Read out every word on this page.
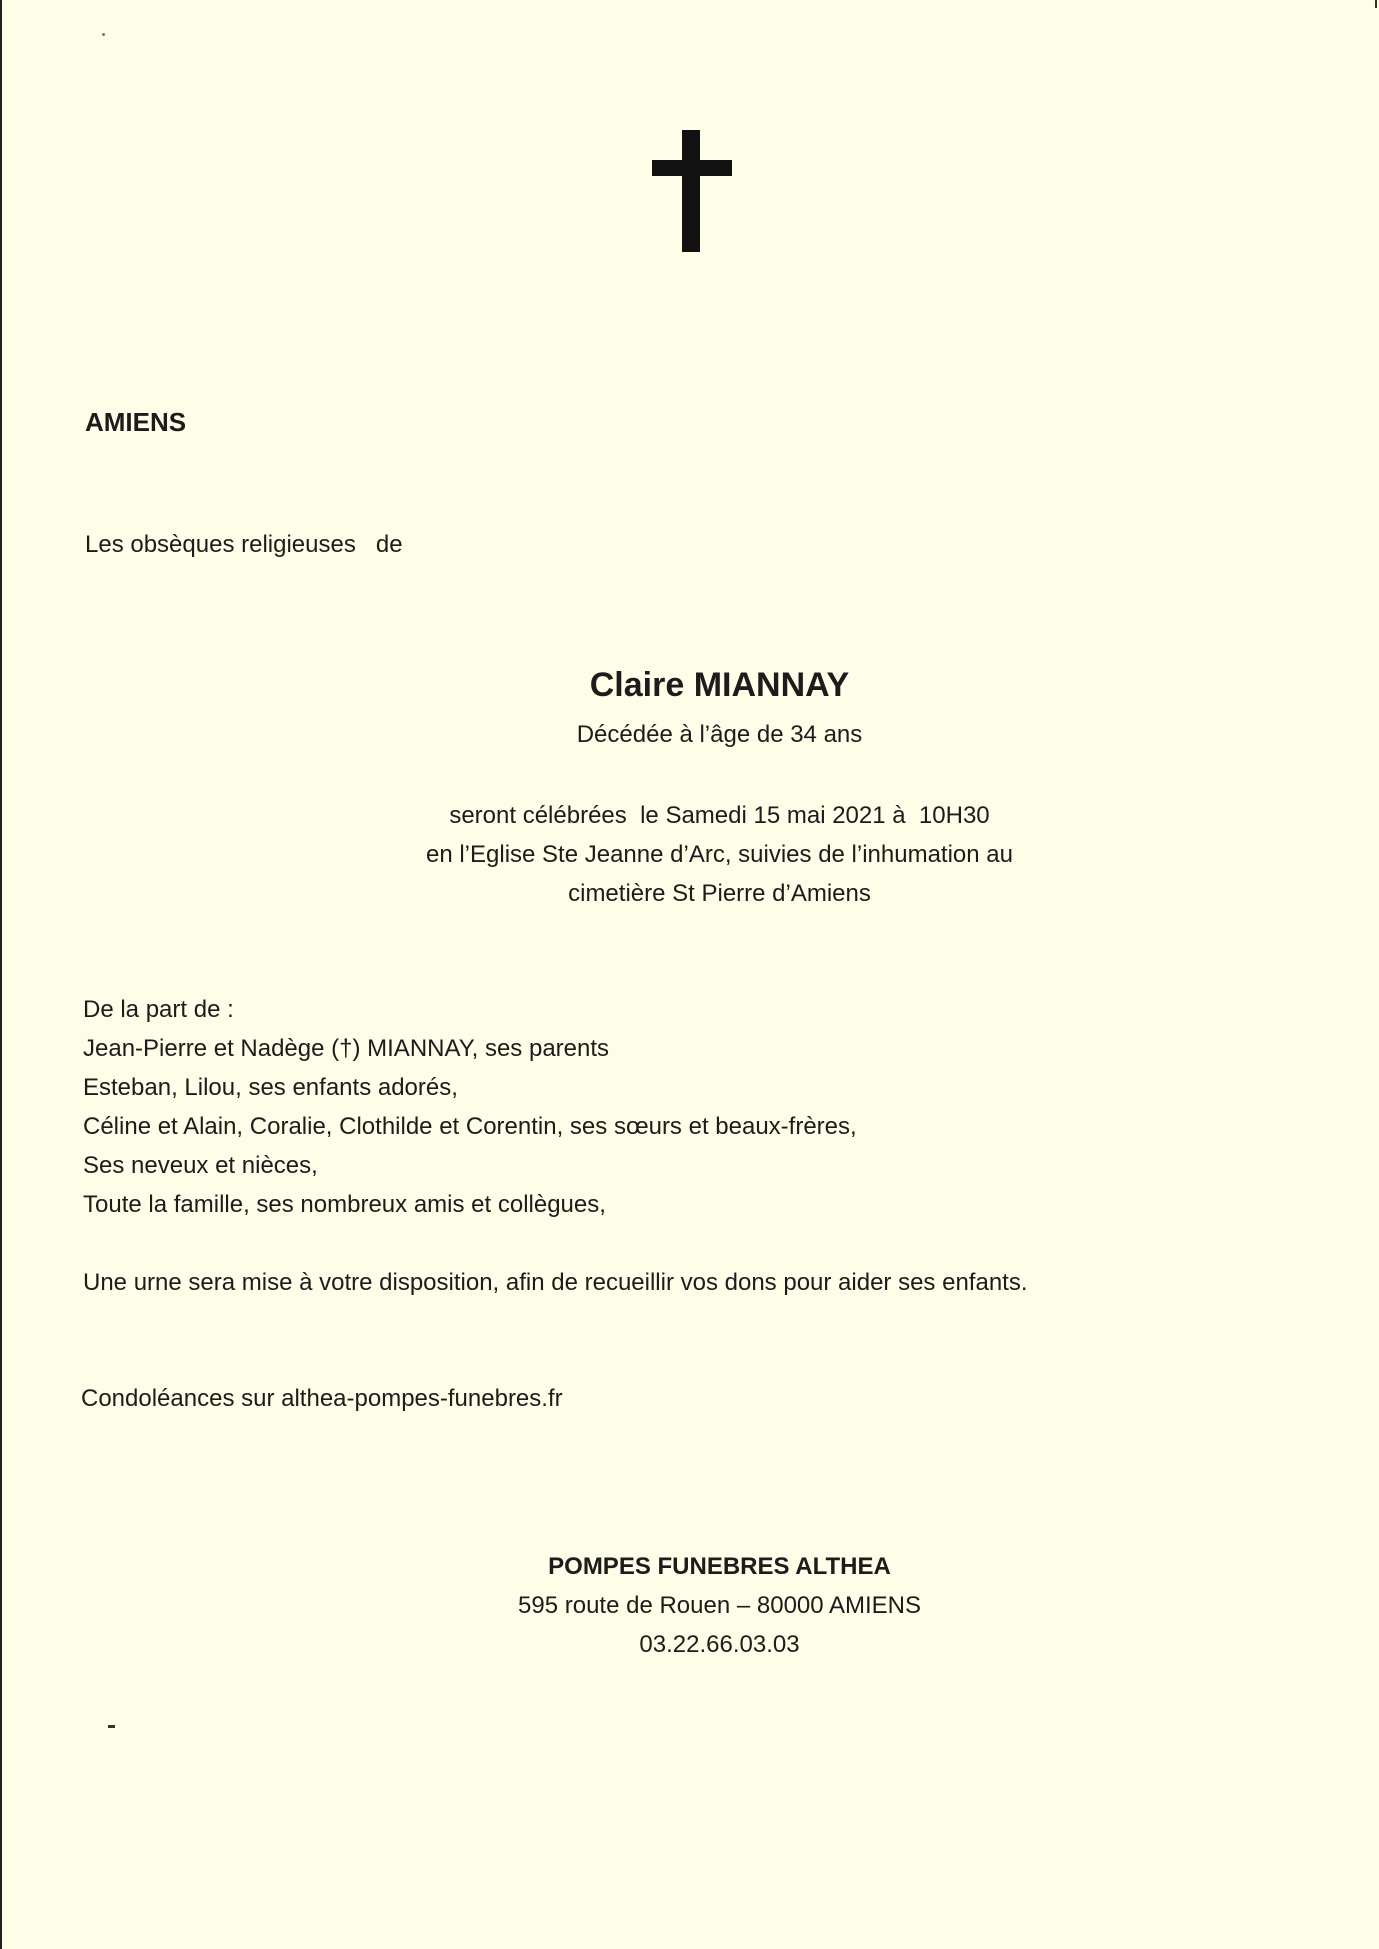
AMIENS
Les obsèques religieuses   de
Claire MIANNAY
Décédée à l’âge de 34 ans
seront célébrées  le Samedi 15 mai 2021 à  10H30
en l’Eglise Ste Jeanne d’Arc, suivies de l’inhumation au
cimetière St Pierre d’Amiens
De la part de :
Jean-Pierre et Nadège (†) MIANNAY, ses parents
Esteban, Lilou, ses enfants adorés,
Céline et Alain, Coralie, Clothilde et Corentin, ses sœurs et beaux-frères,
Ses neveux et nièces,
Toute la famille, ses nombreux amis et collègues,
Une urne sera mise à votre disposition, afin de recueillir vos dons pour aider ses enfants.
Condoléances sur althea-pompes-funebres.fr
POMPES FUNEBRES ALTHEA
595 route de Rouen – 80000 AMIENS
03.22.66.03.03
